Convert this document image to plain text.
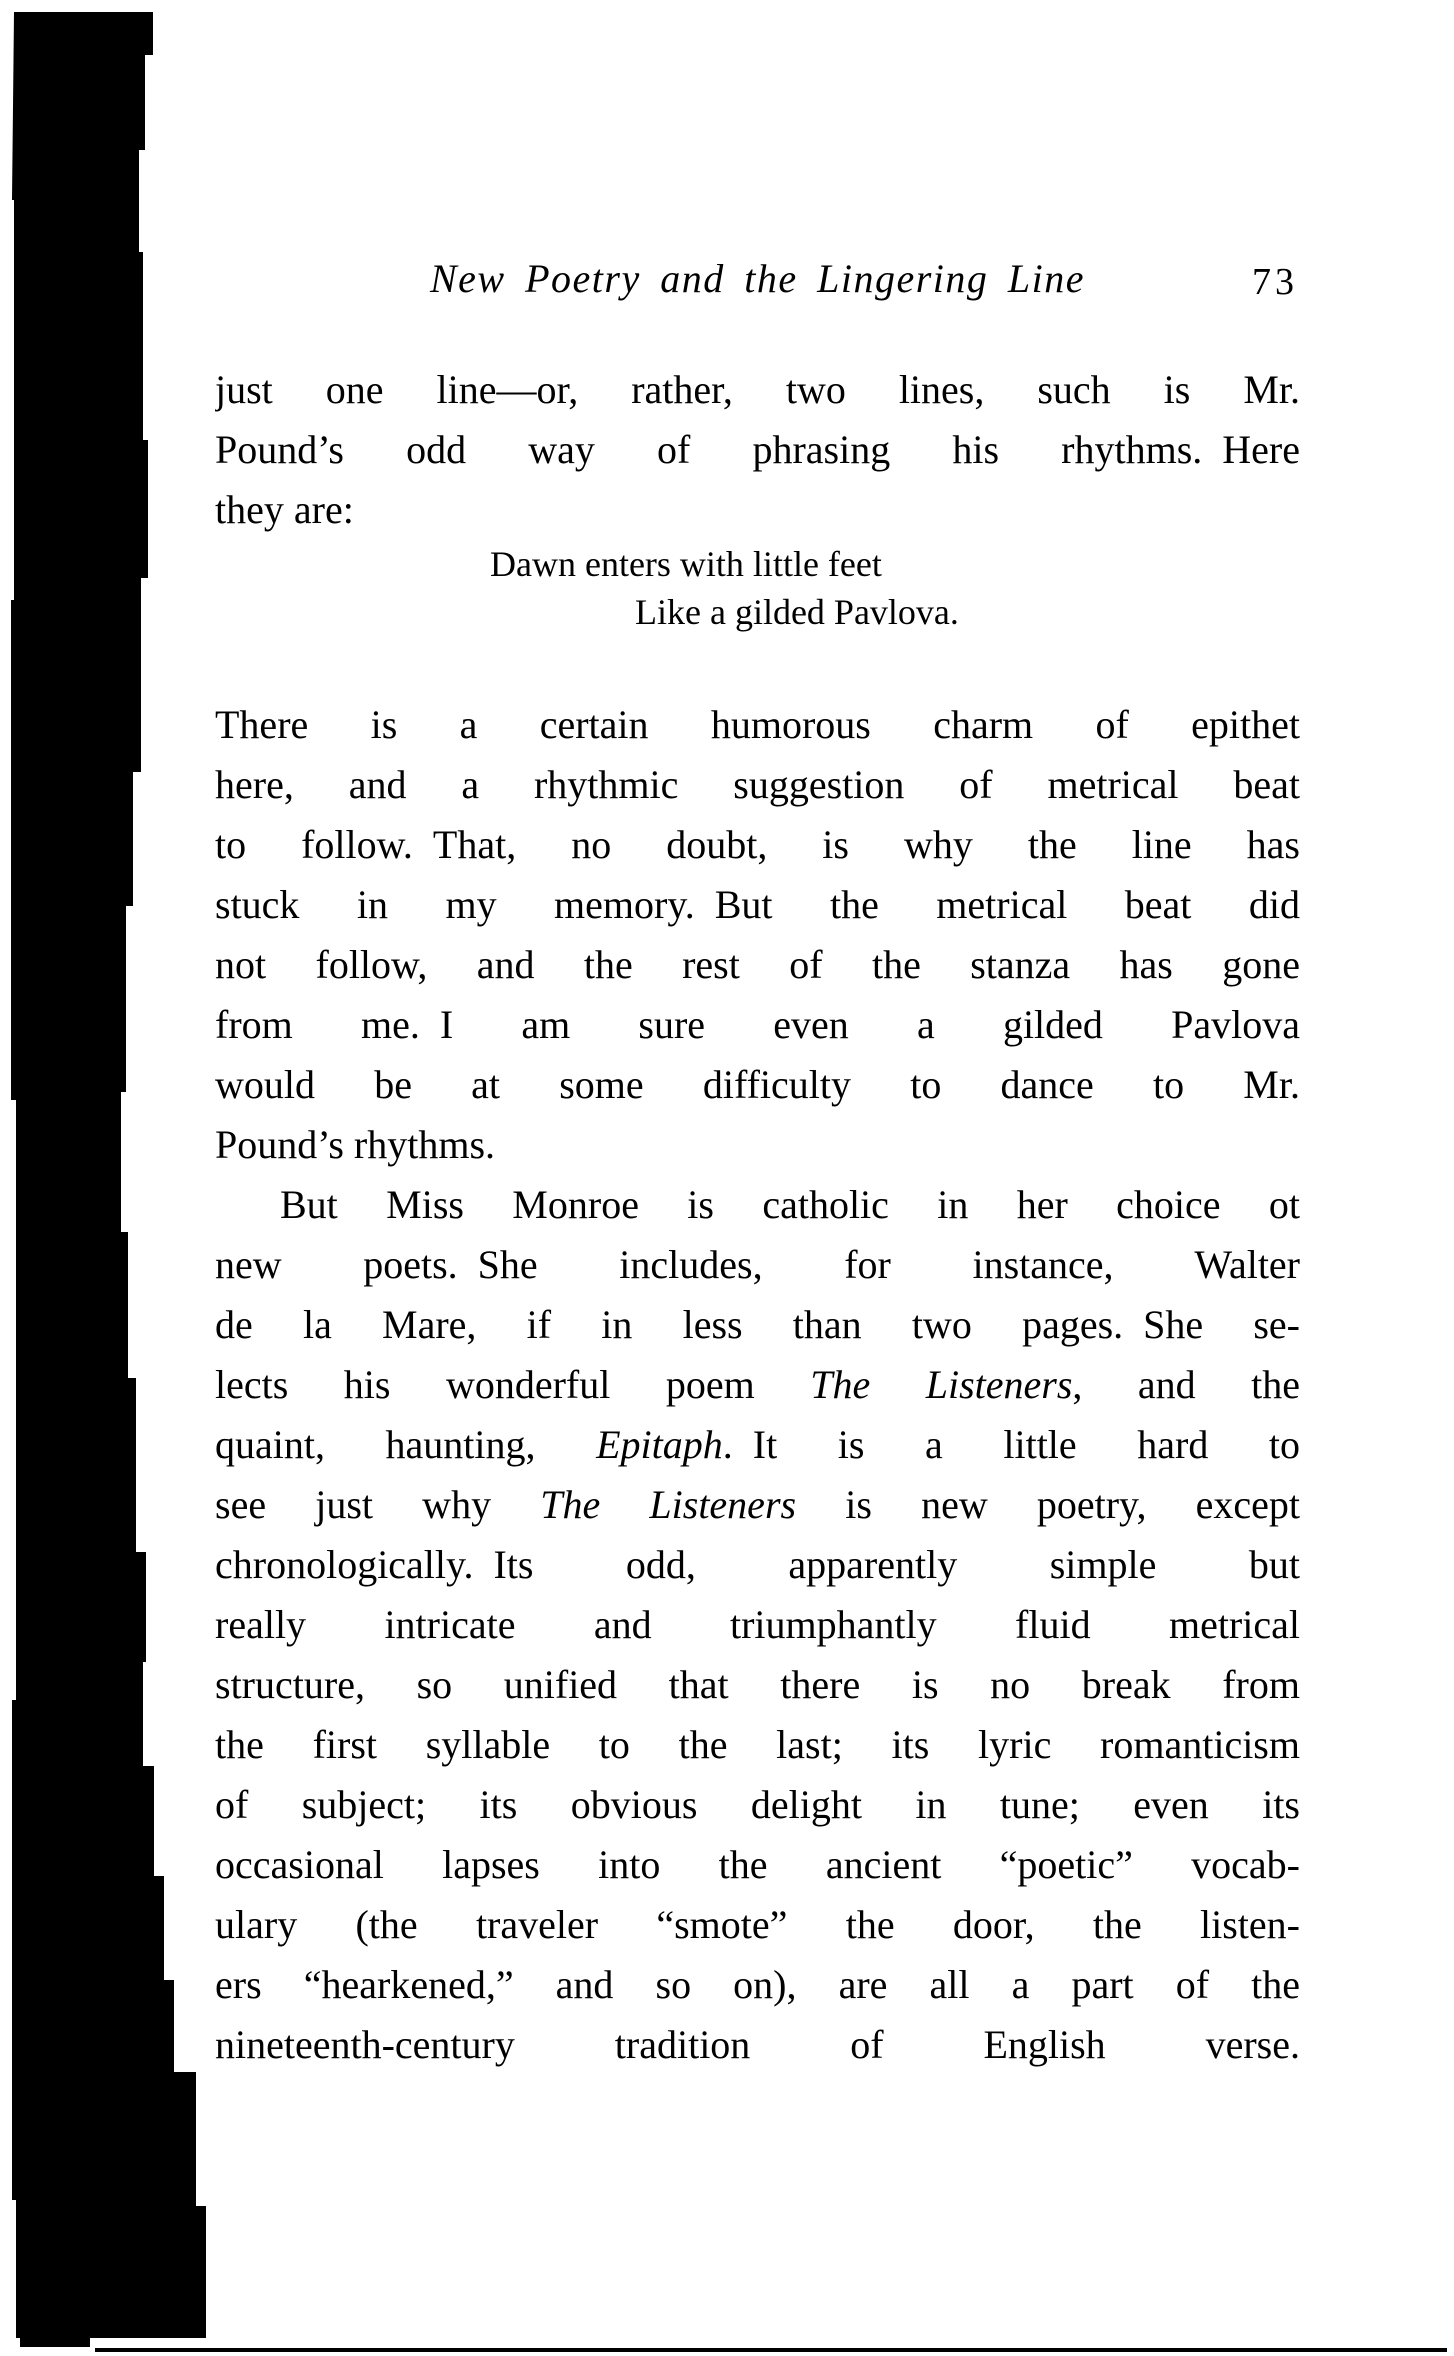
New Poetry and the Lingering Line	73
just one line—or, rather, two lines, such is Mr.
Pound’s odd way of phrasing his rhythms. Here
they are:
Dawn enters with little feet
Like a gilded Pavlova.
There is a certain humorous charm of epithet
here, and a rhythmic suggestion of metrical beat
to follow. That, no doubt, is why the line has
stuck in my memory. But the metrical beat did
not follow, and the rest of the stanza has gone
from me. I am sure even a gilded Pavlova
would be at some difficulty to dance to Mr.
Pound’s rhythms.
But Miss Monroe is catholic in her choice ot
new poets. She includes, for instance, Walter
de la Mare, if in less than two pages. She se-
lects his wonderful poem The Listeners, and the
quaint, haunting, Epitaph. It is a little hard to
see just why The Listeners is new poetry, except
chronologically. Its odd, apparently simple but
really intricate and triumphantly fluid metrical
structure, so unified that there is no break from
the first syllable to the last; its lyric romanticism
of subject; its obvious delight in tune; even its
occasional lapses into the ancient “poetic” vocab-
ulary (the traveler “smote” the door, the listen-
ers “hearkened,” and so on), are all a part of the
nineteenth-century tradition of English verse.
